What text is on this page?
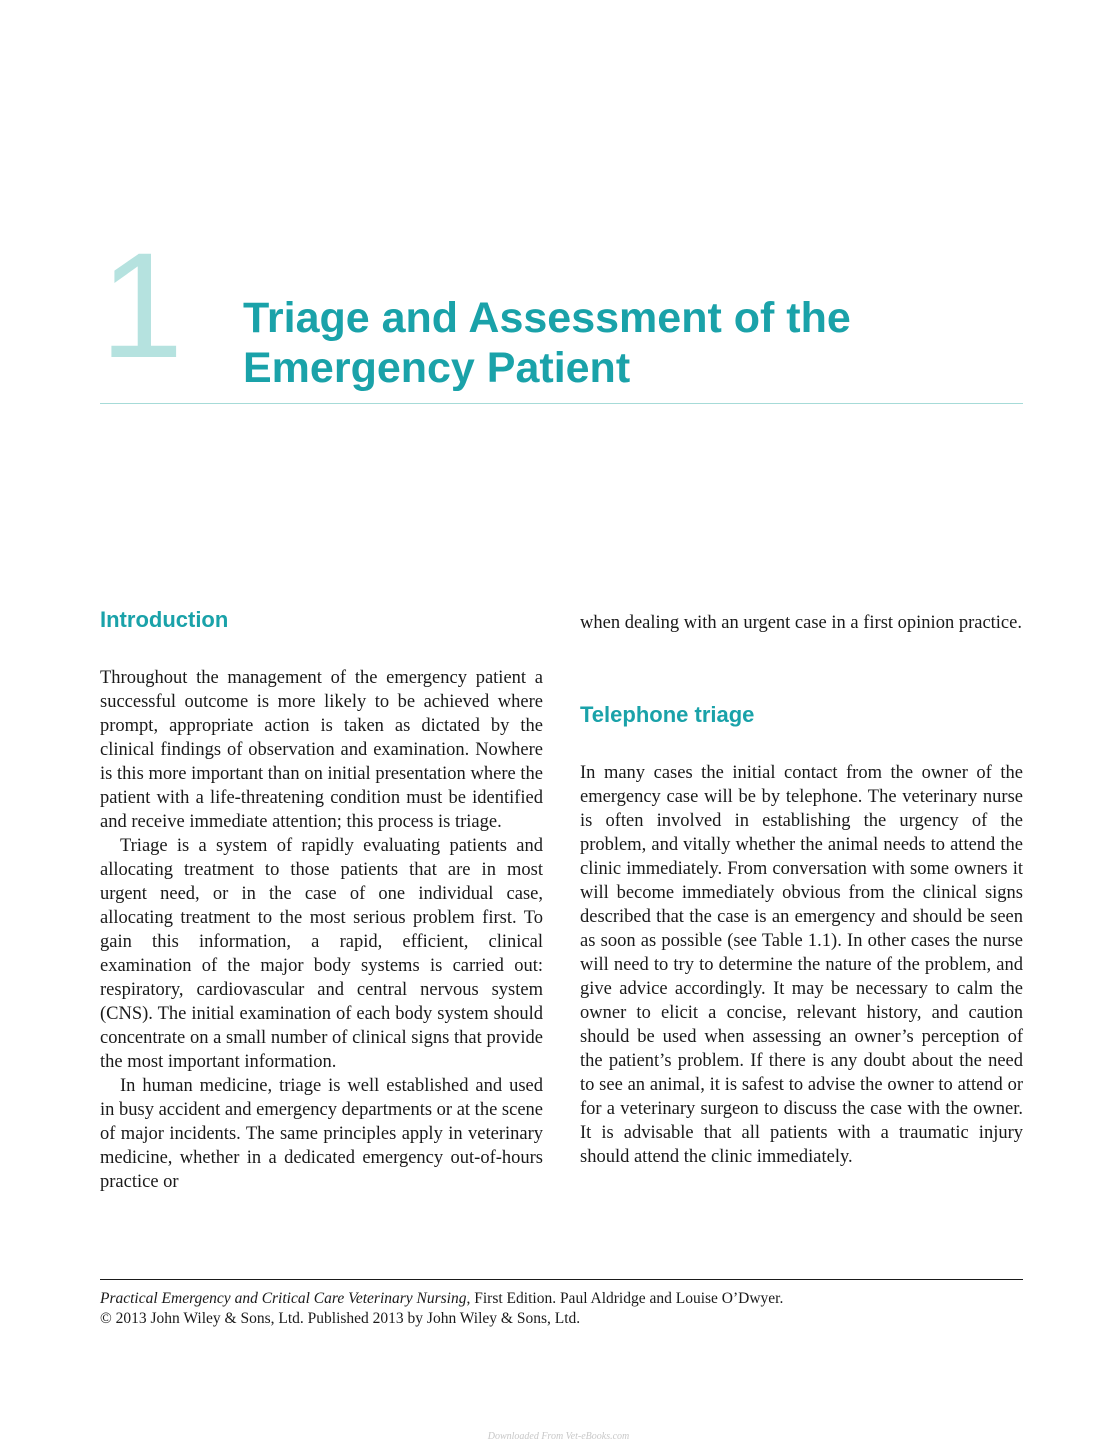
1 Triage and Assessment of the
Emergency Patient
Introduction

Throughout the management of the emergency patient a successful outcome is more likely to be achieved where prompt, appropriate action is taken as dictated by the clinical findings of observation and examination. Nowhere is this more important than on initial presentation where the patient with a life-threatening condition must be identified and receive immediate attention; this process is triage.

Triage is a system of rapidly evaluating patients and allocating treatment to those patients that are in most urgent need, or in the case of one individual case, allocating treatment to the most serious problem first. To gain this information, a rapid, efficient, clinical examination of the major body systems is carried out: respiratory, cardiovascular and central nervous system (CNS). The initial examination of each body system should concentrate on a small number of clinical signs that provide the most important information.

In human medicine, triage is well established and used in busy accident and emergency departments or at the scene of major incidents. The same principles apply in veterinary medicine, whether in a dedicated emergency out-of-hours practice or

when dealing with an urgent case in a first opinion practice.

Telephone triage

In many cases the initial contact from the owner of the emergency case will be by telephone. The veterinary nurse is often involved in establishing the urgency of the problem, and vitally whether the animal needs to attend the clinic immediately. From conversation with some owners it will become immediately obvious from the clinical signs described that the case is an emergency and should be seen as soon as possible (see Table 1.1). In other cases the nurse will need to try to determine the nature of the problem, and give advice accordingly. It may be necessary to calm the owner to elicit a concise, relevant history, and caution should be used when assessing an owner’s perception of the patient’s problem. If there is any doubt about the need to see an animal, it is safest to advise the owner to attend or for a veterinary surgeon to discuss the case with the owner. It is advisable that all patients with a traumatic injury should attend the clinic immediately.

Practical Emergency and Critical Care Veterinary Nursing, First Edition. Paul Aldridge and Louise O’Dwyer.
© 2013 John Wiley & Sons, Ltd. Published 2013 by John Wiley & Sons, Ltd.

Downloaded From Vet-eBooks.com
